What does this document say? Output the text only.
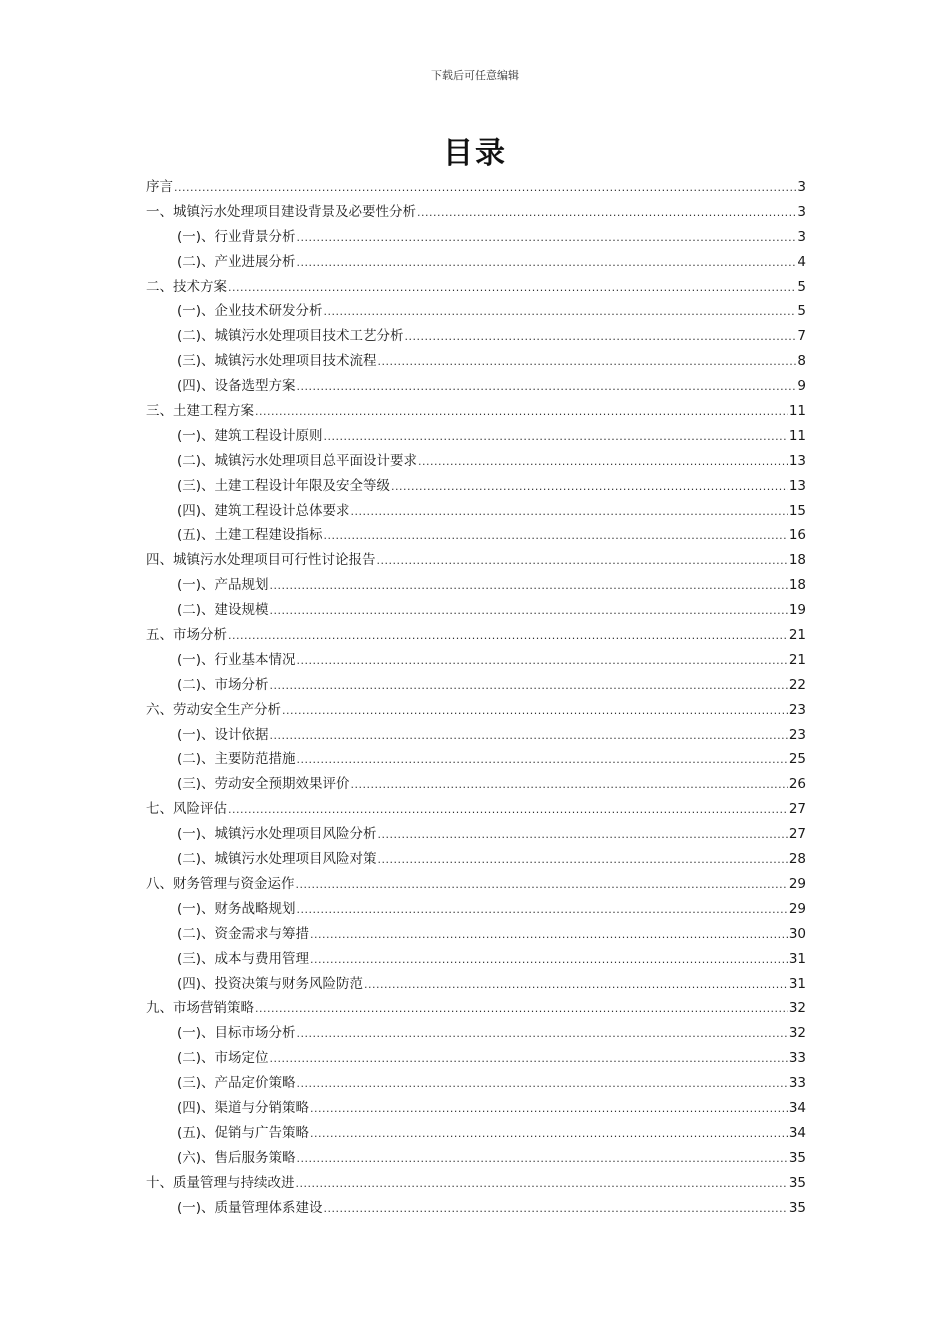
下载后可任意编辑
目录
序言 .....	3
一、城镇污水处理项目建设背景及必要性分析 .....	3
(一)、行业背景分析 .....	3
(二)、产业进展分析 .....	4
二、技术方案 .....	5
(一)、企业技术研发分析 .....	5
(二)、城镇污水处理项目技术工艺分析 .....	7
(三)、城镇污水处理项目技术流程 .....	8
(四)、设备选型方案 .....	9
三、土建工程方案 .....	11
(一)、建筑工程设计原则 .....	11
(二)、城镇污水处理项目总平面设计要求 .....	13
(三)、土建工程设计年限及安全等级 .....	13
(四)、建筑工程设计总体要求 .....	15
(五)、土建工程建设指标 .....	16
四、城镇污水处理项目可行性讨论报告 .....	18
(一)、产品规划 .....	18
(二)、建设规模 .....	19
五、市场分析 .....	21
(一)、行业基本情况 .....	21
(二)、市场分析 .....	22
六、劳动安全生产分析 .....	23
(一)、设计依据 .....	23
(二)、主要防范措施 .....	25
(三)、劳动安全预期效果评价 .....	26
七、风险评估 .....	27
(一)、城镇污水处理项目风险分析 .....	27
(二)、城镇污水处理项目风险对策 .....	28
八、财务管理与资金运作 .....	29
(一)、财务战略规划 .....	29
(二)、资金需求与筹措 .....	30
(三)、成本与费用管理 .....	31
(四)、投资决策与财务风险防范 .....	31
九、市场营销策略 .....	32
(一)、目标市场分析 .....	32
(二)、市场定位 .....	33
(三)、产品定价策略 .....	33
(四)、渠道与分销策略 .....	34
(五)、促销与广告策略 .....	34
(六)、售后服务策略 .....	35
十、质量管理与持续改进 .....	35
(一)、质量管理体系建设 .....	35
